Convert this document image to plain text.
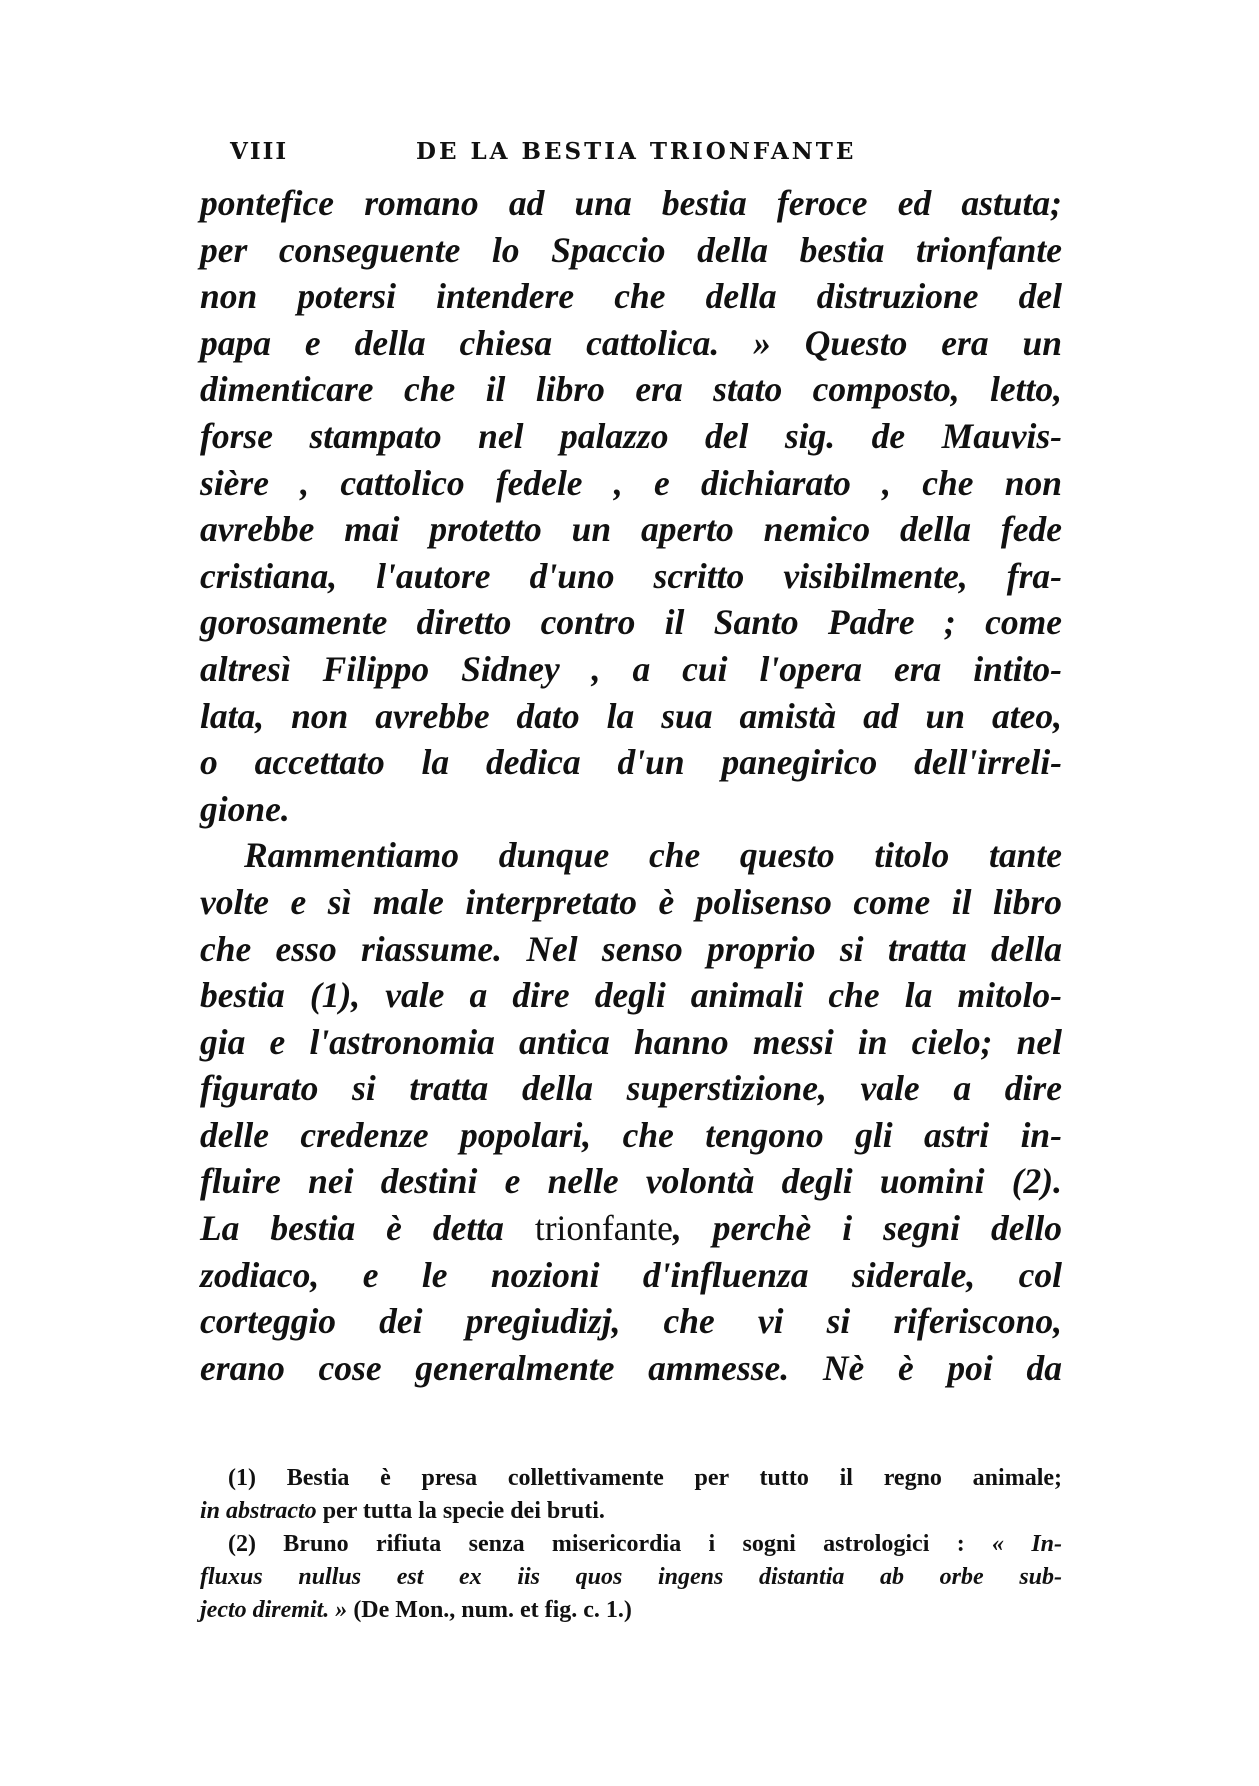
VIII	DE LA BESTIA TRIONFANTE
pontefice romano ad una bestia feroce ed astuta;
per conseguente lo Spaccio della bestia trionfante
non potersi intendere che della distruzione del
papa e della chiesa cattolica. » Questo era un
dimenticare che il libro era stato composto, letto,
forse stampato nel palazzo del sig. de Mauvis-
sière , cattolico fedele , e dichiarato , che non
avrebbe mai protetto un aperto nemico della fede
cristiana, l'autore d'uno scritto visibilmente, fra-
gorosamente diretto contro il Santo Padre ; come
altresì Filippo Sidney , a cui l'opera era intito-
lata, non avrebbe dato la sua amistà ad un ateo,
o accettato la dedica d'un panegirico dell'irreli-
gione.
Rammentiamo dunque che questo titolo tante
volte e sì male interpretato è polisenso come il libro
che esso riassume. Nel senso proprio si tratta della
bestia (1), vale a dire degli animali che la mitolo-
gia e l'astronomia antica hanno messi in cielo; nel
figurato si tratta della superstizione, vale a dire
delle credenze popolari, che tengono gli astri in-
fluire nei destini e nelle volontà degli uomini (2).
La bestia è detta trionfante, perchè i segni dello
zodiaco, e le nozioni d'influenza siderale, col
corteggio dei pregiudizj, che vi si riferiscono,
erano cose generalmente ammesse. Nè è poi da
(1) Bestia è presa collettivamente per tutto il regno animale;
in abstracto per tutta la specie dei bruti.
(2) Bruno rifiuta senza misericordia i sogni astrologici : « In-
fluxus nullus est ex iis quos ingens distantia ab orbe sub-
jecto diremit. » (De Mon., num. et fig. c. 1.)
